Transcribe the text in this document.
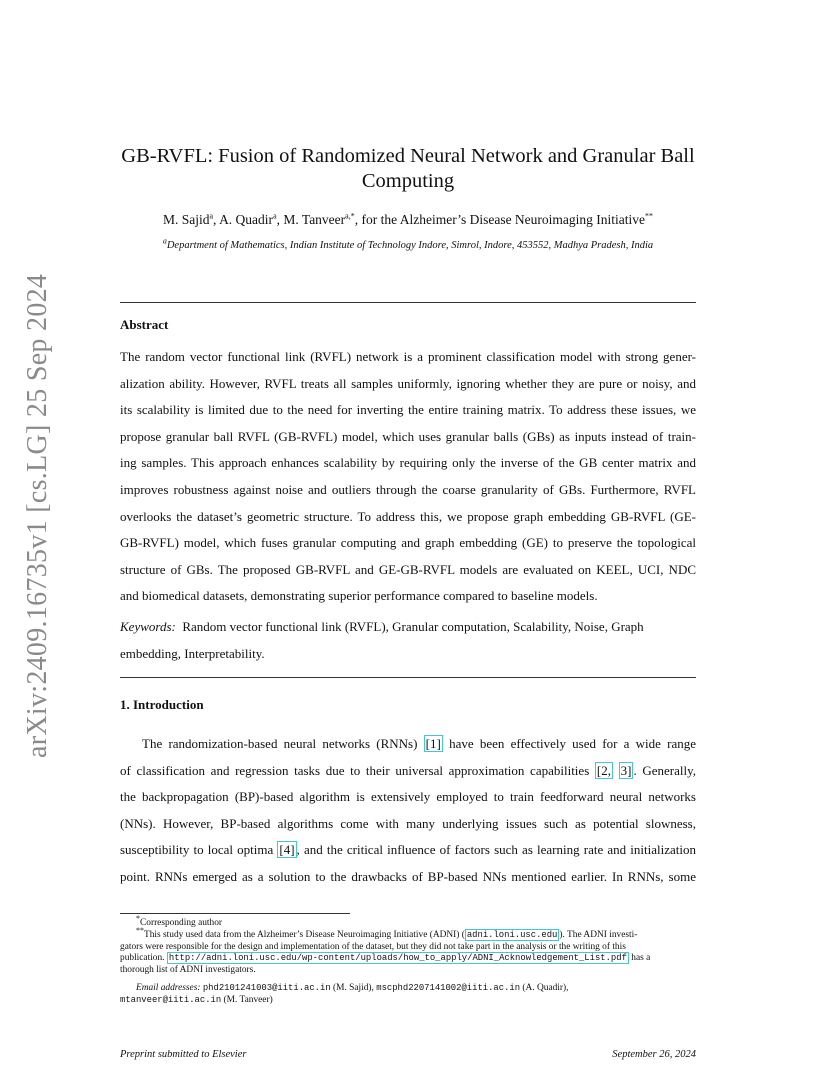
arXiv:2409.16735v1 [cs.LG] 25 Sep 2024
GB-RVFL: Fusion of Randomized Neural Network and Granular Ball
Computing
M. Sajid$^a$, A. Quadir$^a$, M. Tanveer$^{a,*}$, for the Alzheimer’s Disease Neuroimaging Initiative**
$^a$Department of Mathematics, Indian Institute of Technology Indore, Simrol, Indore, 453552, Madhya Pradesh, India
Abstract
The random vector functional link (RVFL) network is a prominent classification model with strong gener-
alization ability. However, RVFL treats all samples uniformly, ignoring whether they are pure or noisy, and
its scalability is limited due to the need for inverting the entire training matrix. To address these issues, we
propose granular ball RVFL (GB-RVFL) model, which uses granular balls (GBs) as inputs instead of train-
ing samples. This approach enhances scalability by requiring only the inverse of the GB center matrix and
improves robustness against noise and outliers through the coarse granularity of GBs. Furthermore, RVFL
overlooks the dataset’s geometric structure. To address this, we propose graph embedding GB-RVFL (GE-
GB-RVFL) model, which fuses granular computing and graph embedding (GE) to preserve the topological
structure of GBs. The proposed GB-RVFL and GE-GB-RVFL models are evaluated on KEEL, UCI, NDC
and biomedical datasets, demonstrating superior performance compared to baseline models.
Keywords: Random vector functional link (RVFL), Granular computation, Scalability, Noise, Graph
embedding, Interpretability.
1. Introduction
The randomization-based neural networks (RNNs) [1] have been effectively used for a wide range
of classification and regression tasks due to their universal approximation capabilities [2, 3] . Generally,
the backpropagation (BP)-based algorithm is extensively employed to train feedforward neural networks
(NNs). However, BP-based algorithms come with many underlying issues such as potential slowness,
susceptibility to local optima [4] , and the critical influence of factors such as learning rate and initialization
point. RNNs emerged as a solution to the drawbacks of BP-based NNs mentioned earlier. In RNNs, some
*Corresponding author
**This study used data from the Alzheimer’s Disease Neuroimaging Initiative (ADNI) ( adni.loni.usc.edu ). The ADNI investi-
gators were responsible for the design and implementation of the dataset, but they did not take part in the analysis or the writing of this
publication. http://adni.loni.usc.edu/wp-content/uploads/how_to_apply/ADNI_Acknowledgement_List.pdf has a
thorough list of ADNI investigators.
Email addresses: phd2101241003@iiti.ac.in (M. Sajid), mscphd2207141002@iiti.ac.in (A. Quadir),
mtanveer@iiti.ac.in (M. Tanveer)
Preprint submitted to Elsevier	September 26, 2024
